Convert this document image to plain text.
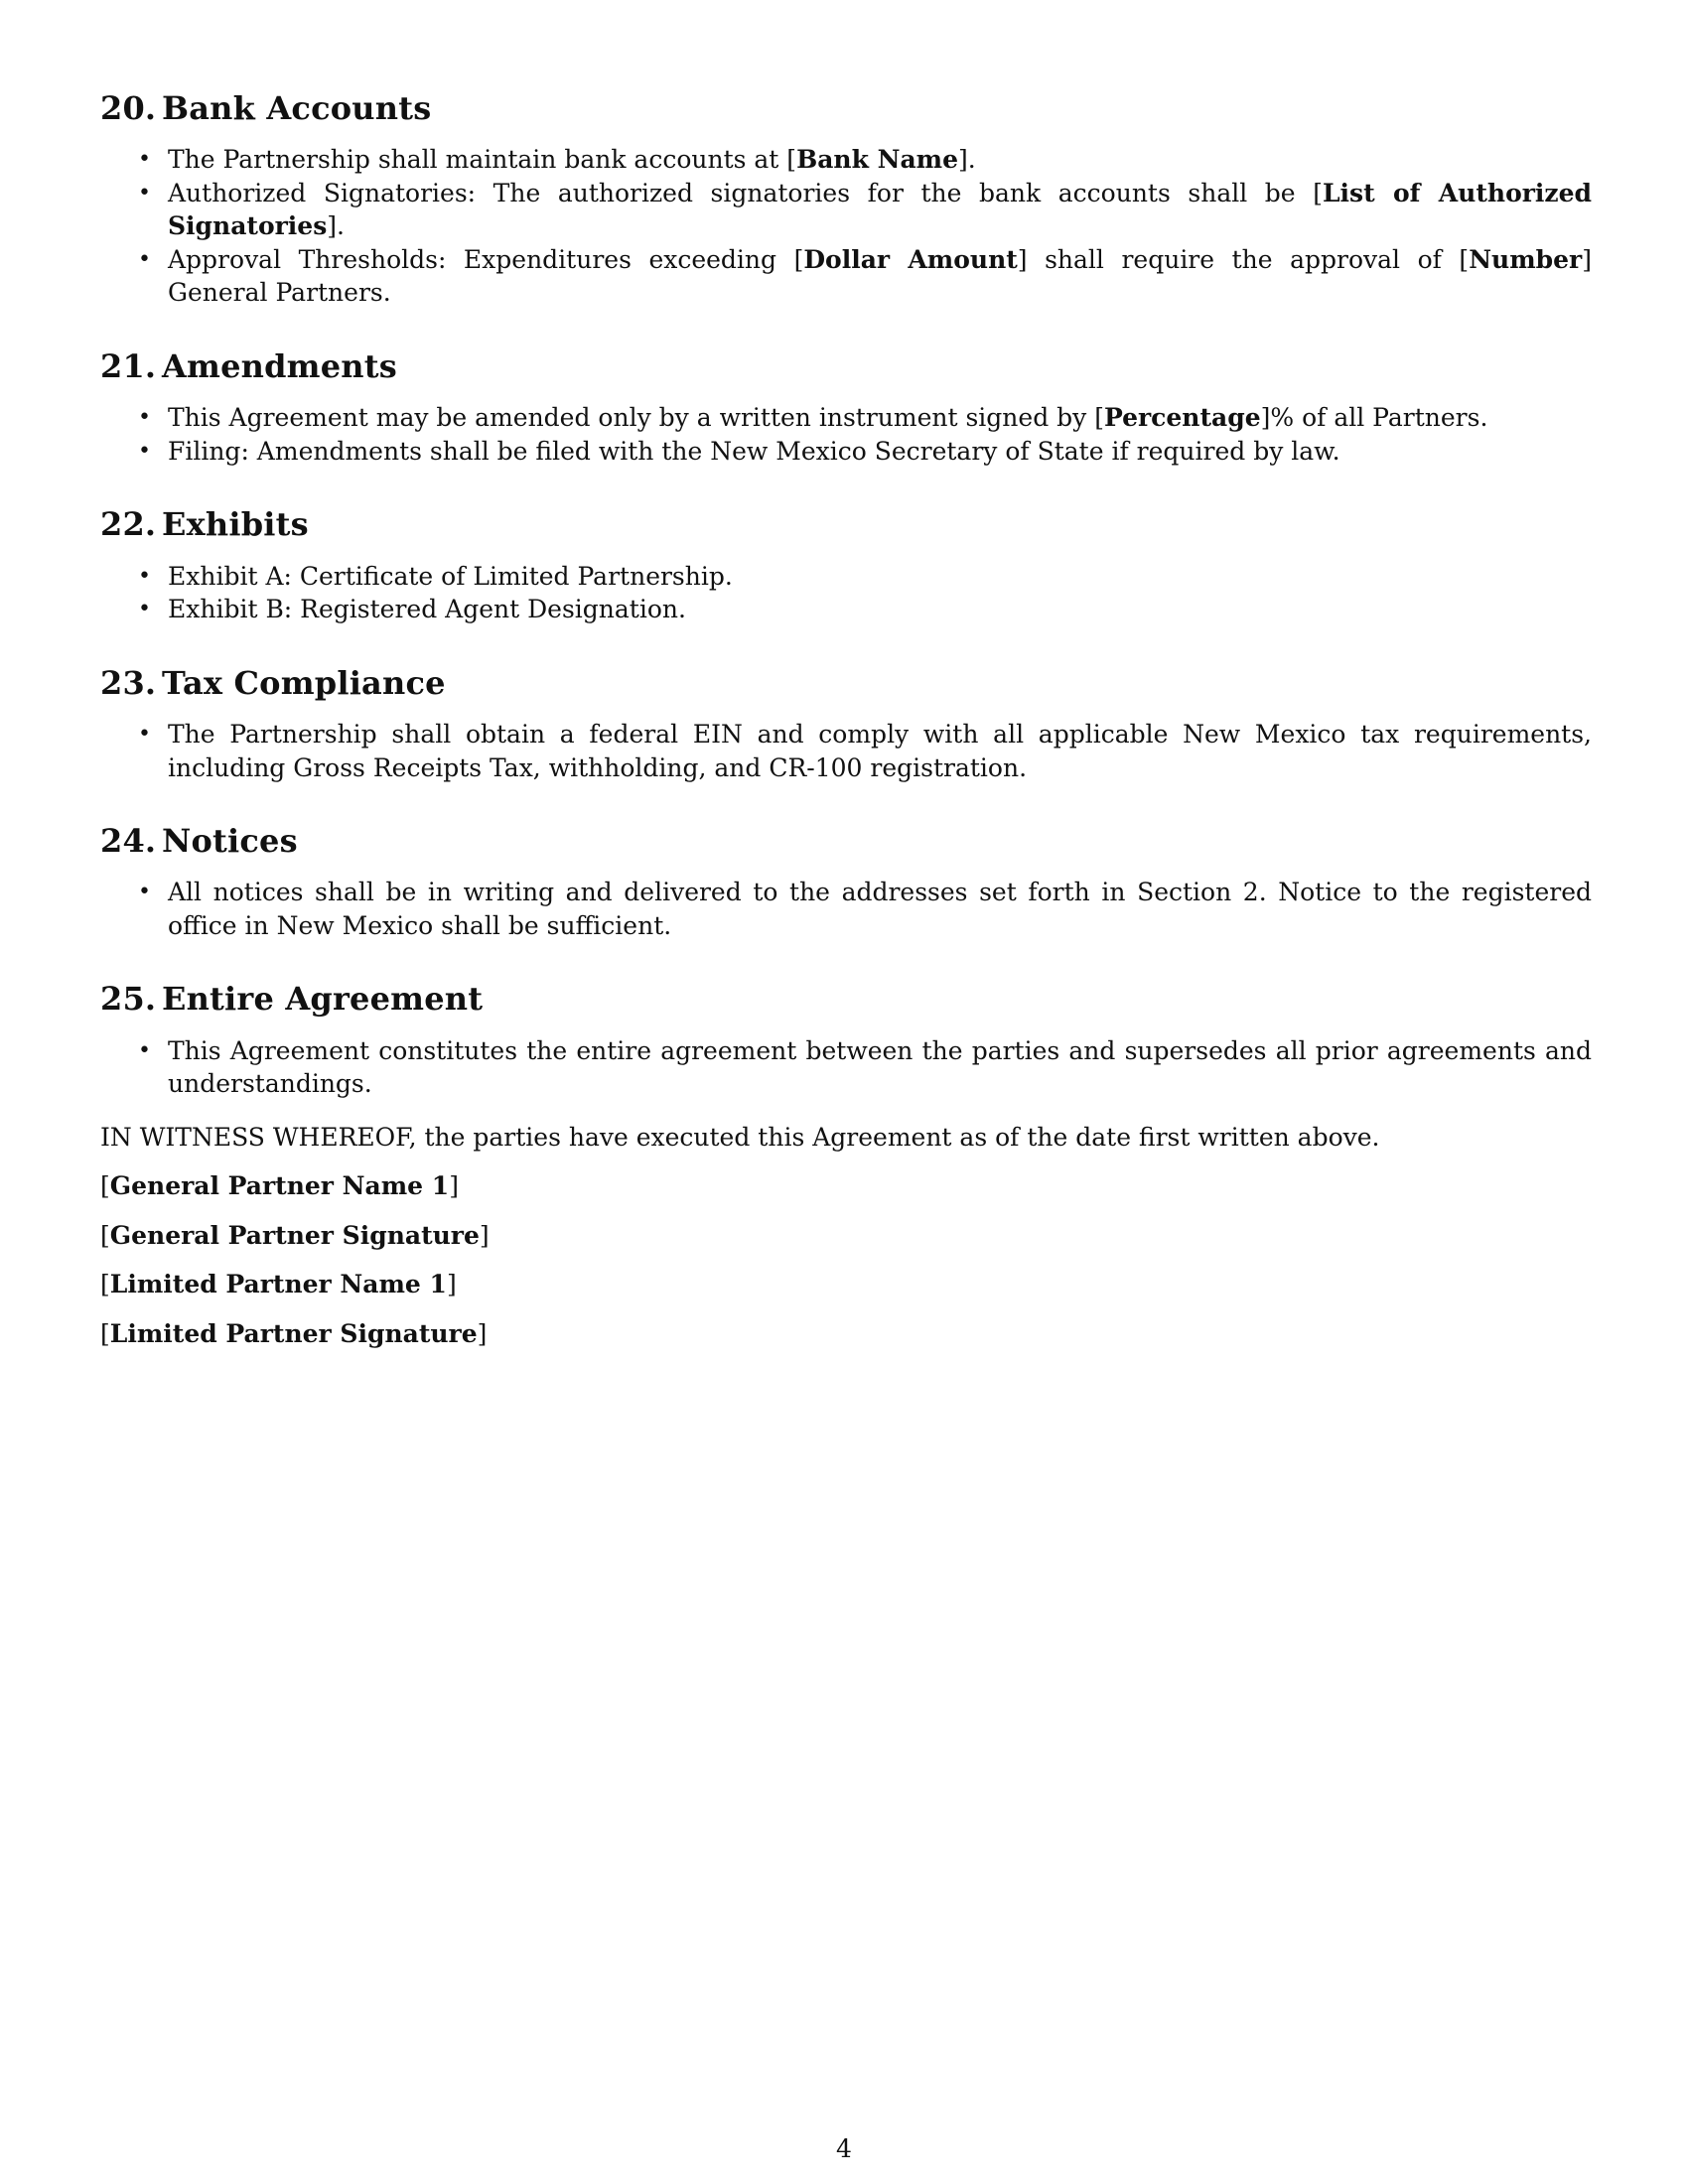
20. Bank Accounts
• The Partnership shall maintain bank accounts at [Bank Name].
• Authorized Signatories: The authorized signatories for the bank accounts shall be [List of Authorized Signatories].
• Approval Thresholds: Expenditures exceeding [Dollar Amount] shall require the approval of [Number] General Partners.
21. Amendments
• This Agreement may be amended only by a written instrument signed by [Percentage]% of all Partners.
• Filing: Amendments shall be filed with the New Mexico Secretary of State if required by law.
22. Exhibits
• Exhibit A: Certificate of Limited Partnership.
• Exhibit B: Registered Agent Designation.
23. Tax Compliance
• The Partnership shall obtain a federal EIN and comply with all applicable New Mexico tax requirements, including Gross Receipts Tax, withholding, and CR-100 registration.
24. Notices
• All notices shall be in writing and delivered to the addresses set forth in Section 2. Notice to the registered office in New Mexico shall be sufficient.
25. Entire Agreement
• This Agreement constitutes the entire agreement between the parties and supersedes all prior agreements and understandings.

IN WITNESS WHEREOF, the parties have executed this Agreement as of the date first written above.

[General Partner Name 1]

[General Partner Signature]

[Limited Partner Name 1]

[Limited Partner Signature]

4
